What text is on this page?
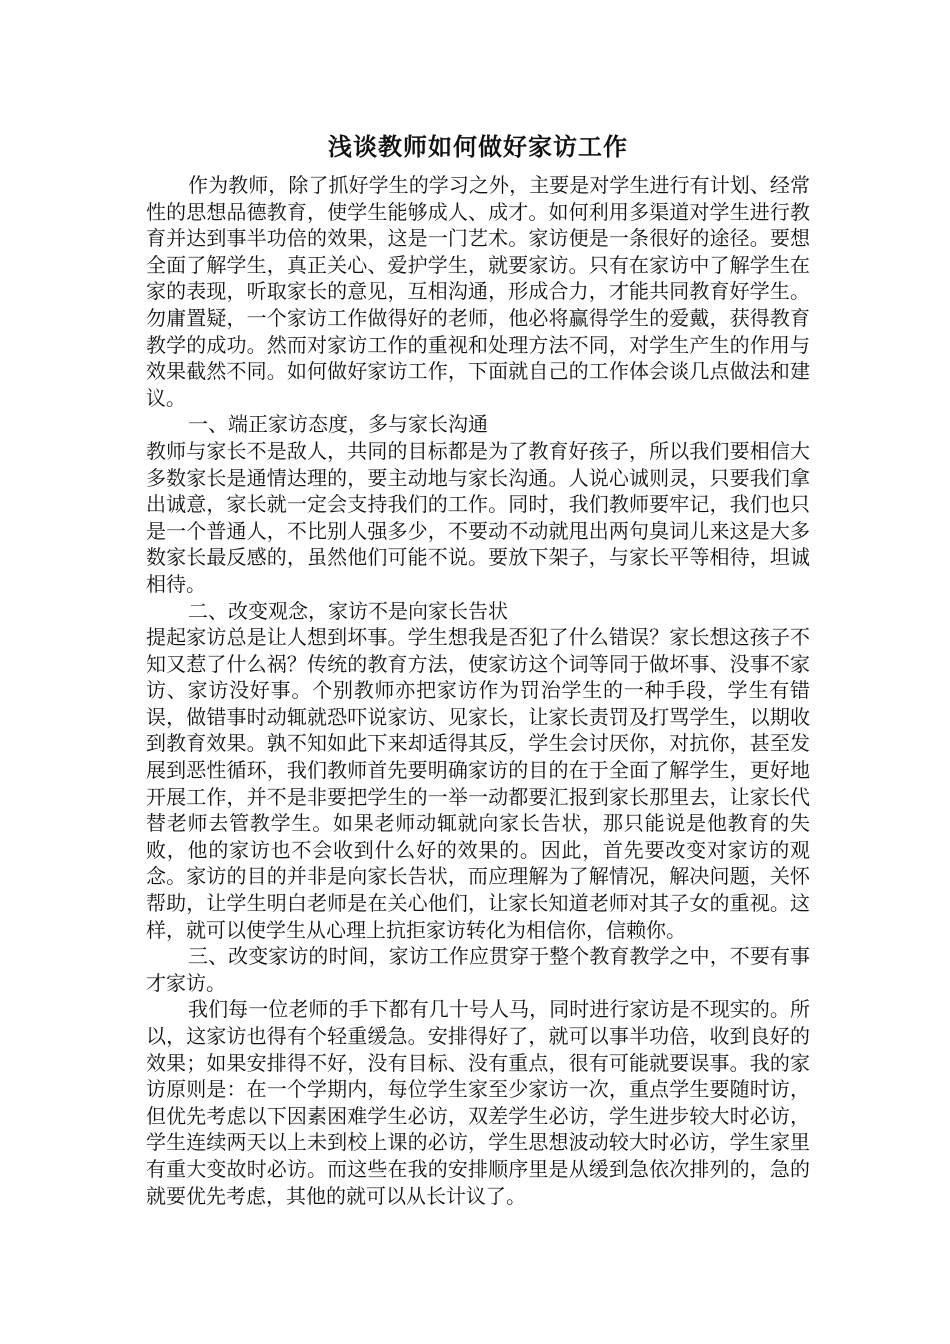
浅谈教师如何做好家访工作

作为教师，除了抓好学生的学习之外，主要是对学生进行有计划、经常性的思想品德教育，使学生能够成人、成才。如何利用多渠道对学生进行教育并达到事半功倍的效果，这是一门艺术。家访便是一条很好的途径。要想全面了解学生，真正关心、爱护学生，就要家访。只有在家访中了解学生在家的表现，听取家长的意见，互相沟通，形成合力，才能共同教育好学生。勿庸置疑，一个家访工作做得好的老师，他必将赢得学生的爱戴，获得教育教学的成功。然而对家访工作的重视和处理方法不同，对学生产生的作用与效果截然不同。如何做好家访工作，下面就自己的工作体会谈几点做法和建议。

一、端正家访态度，多与家长沟通

教师与家长不是敌人，共同的目标都是为了教育好孩子，所以我们要相信大多数家长是通情达理的，要主动地与家长沟通。人说心诚则灵，只要我们拿出诚意，家长就一定会支持我们的工作。同时，我们教师要牢记，我们也只是一个普通人，不比别人强多少，不要动不动就甩出两句臭词儿来这是大多数家长最反感的，虽然他们可能不说。要放下架子，与家长平等相待，坦诚相待。

二、改变观念，家访不是向家长告状

提起家访总是让人想到坏事。学生想我是否犯了什么错误？家长想这孩子不知又惹了什么祸？传统的教育方法，使家访这个词等同于做坏事、没事不家访、家访没好事。个别教师亦把家访作为罚治学生的一种手段，学生有错误，做错事时动辄就恐吓说家访、见家长，让家长责罚及打骂学生，以期收到教育效果。孰不知如此下来却适得其反，学生会讨厌你，对抗你，甚至发展到恶性循环，我们教师首先要明确家访的目的在于全面了解学生，更好地开展工作，并不是非要把学生的一举一动都要汇报到家长那里去，让家长代替老师去管教学生。如果老师动辄就向家长告状，那只能说是他教育的失败，他的家访也不会收到什么好的效果的。因此，首先要改变对家访的观念。家访的目的并非是向家长告状，而应理解为了解情况，解决问题，关怀帮助，让学生明白老师是在关心他们，让家长知道老师对其子女的重视。这样，就可以使学生从心理上抗拒家访转化为相信你，信赖你。

三、改变家访的时间，家访工作应贯穿于整个教育教学之中，不要有事才家访。

我们每一位老师的手下都有几十号人马，同时进行家访是不现实的。所以，这家访也得有个轻重缓急。安排得好了，就可以事半功倍，收到良好的效果；如果安排得不好，没有目标、没有重点，很有可能就要误事。我的家访原则是：在一个学期内，每位学生家至少家访一次，重点学生要随时访，但优先考虑以下因素困难学生必访，双差学生必访，学生进步较大时必访，学生连续两天以上未到校上课的必访，学生思想波动较大时必访，学生家里有重大变故时必访。而这些在我的安排顺序里是从缓到急依次排列的，急的就要优先考虑，其他的就可以从长计议了。
